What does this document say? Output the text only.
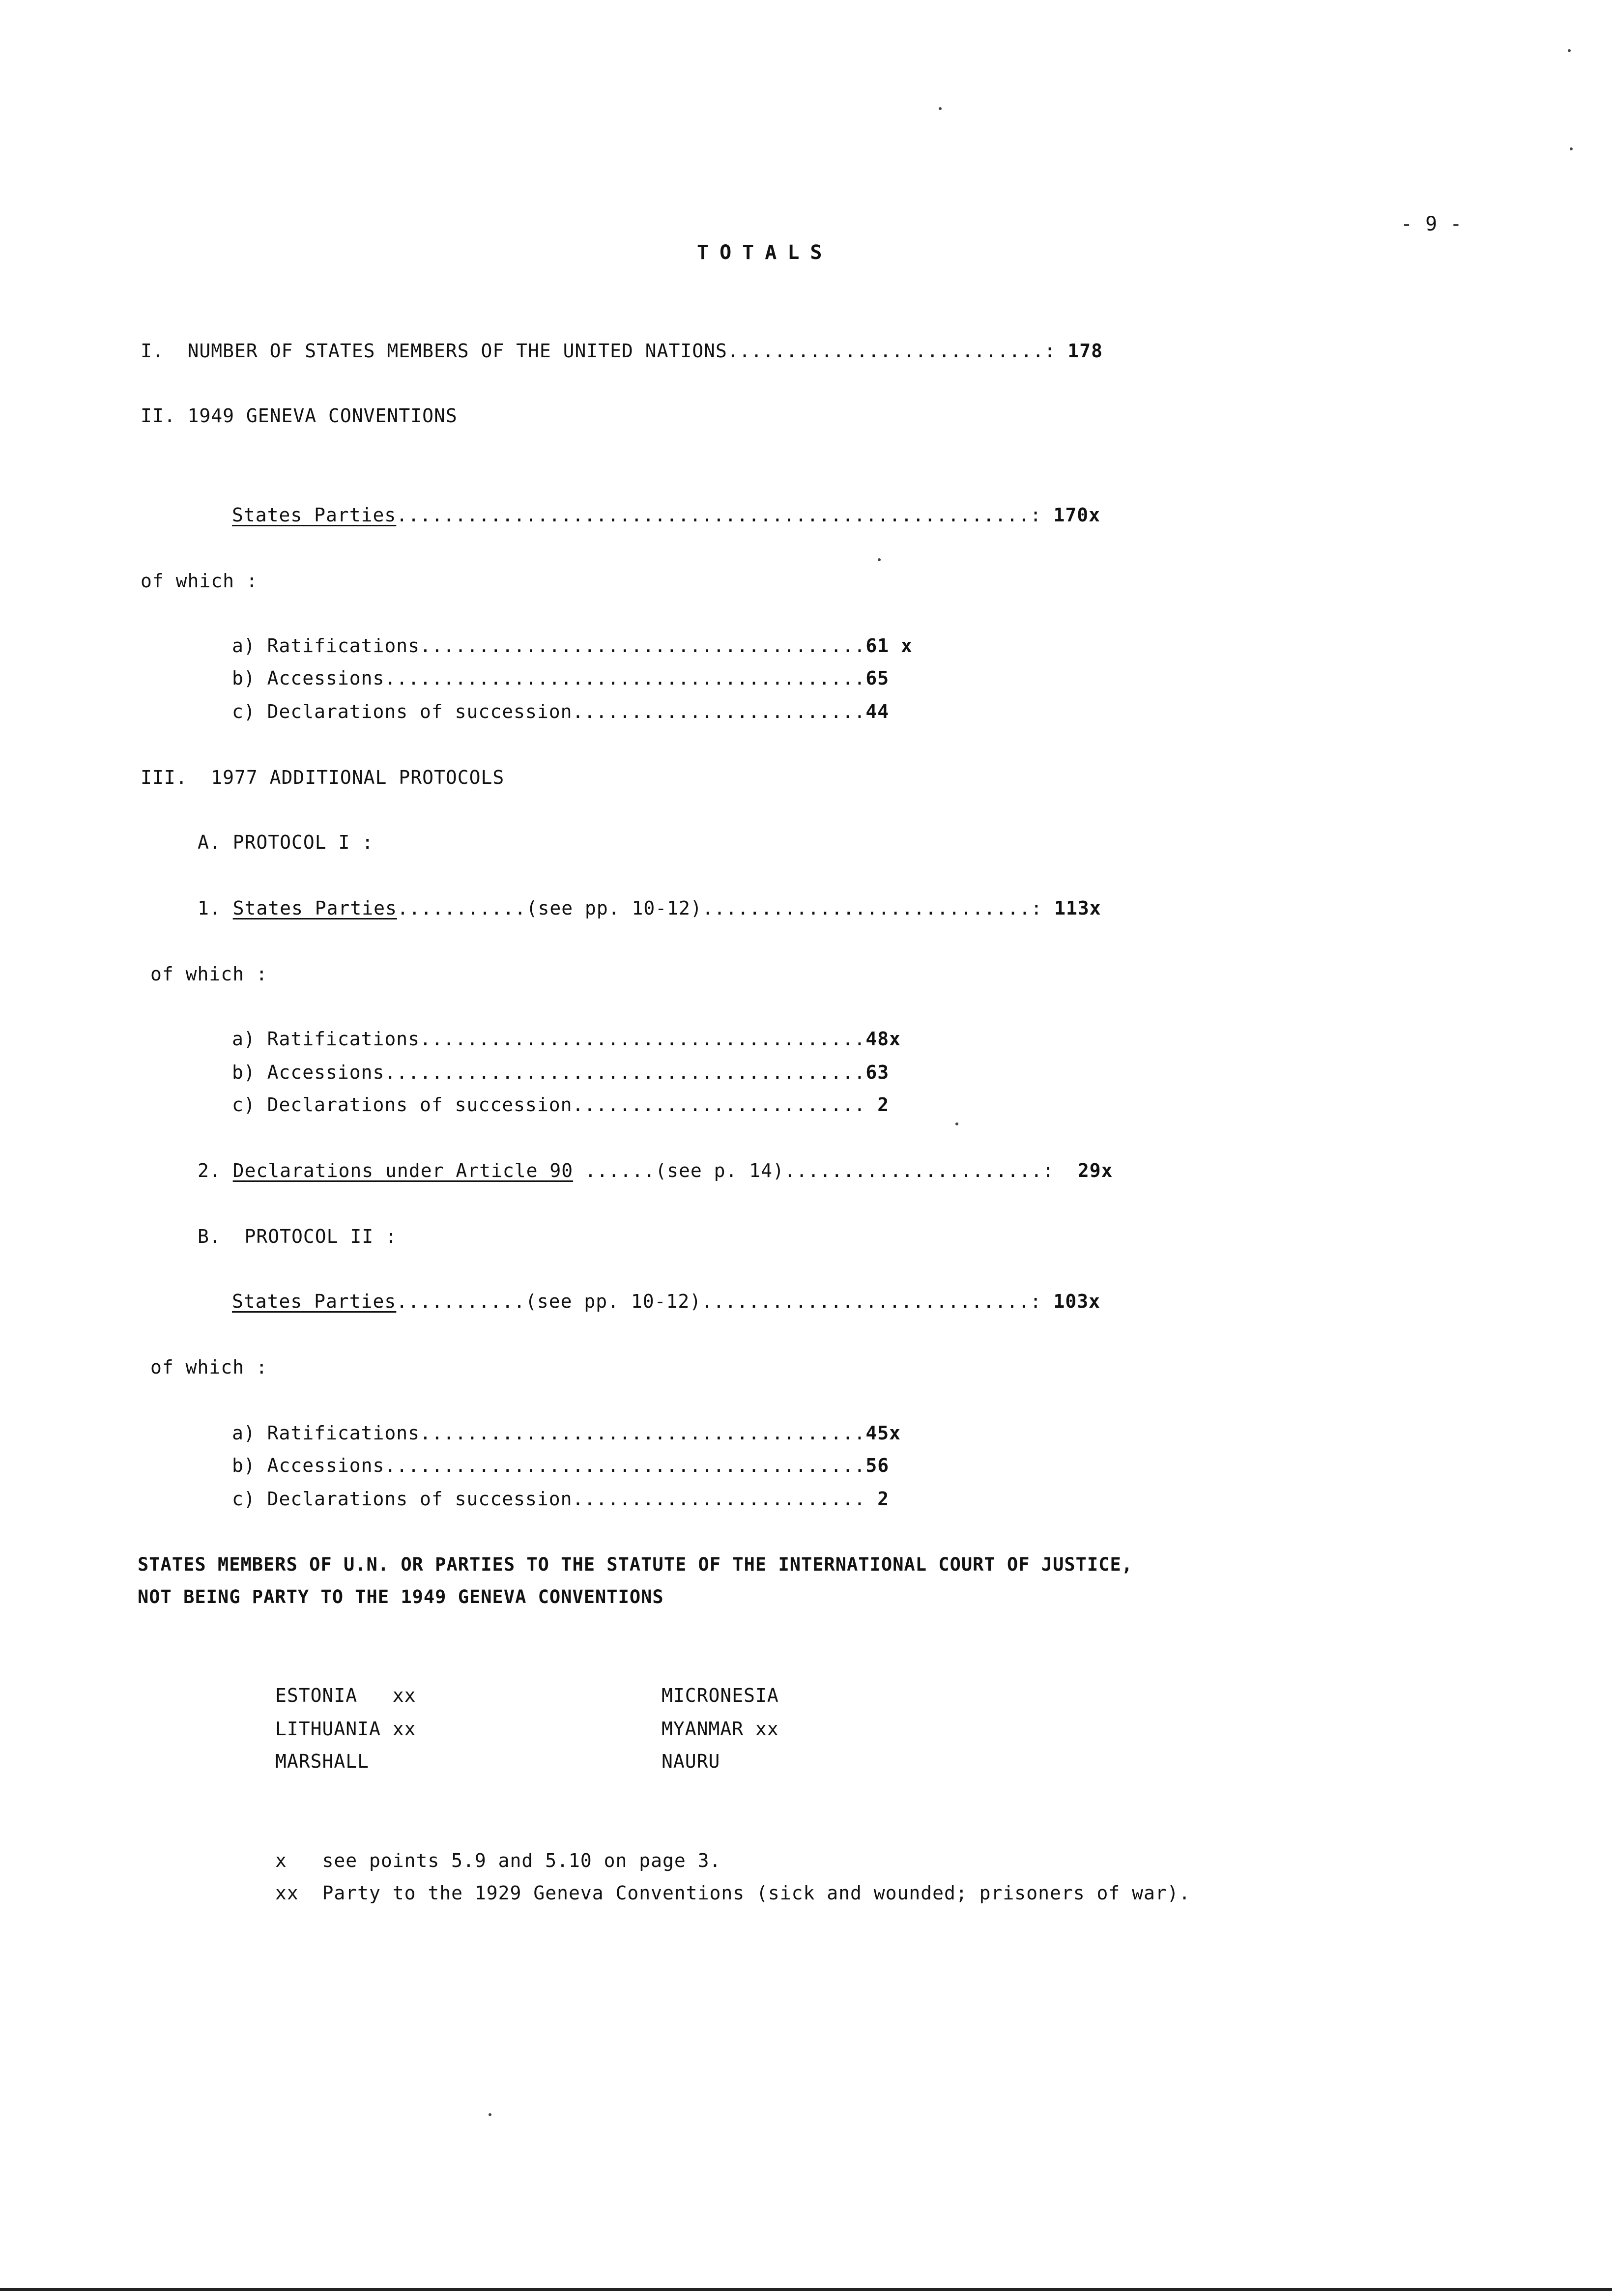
- 9 -
TOTALS
I.  NUMBER OF STATES MEMBERS OF THE UNITED NATIONS...........................: 178
II. 1949 GENEVA CONVENTIONS
States Parties......................................................: 170x
of which :
a) Ratifications......................................61 x
b) Accessions.........................................65
c) Declarations of succession.........................44
III.  1977 ADDITIONAL PROTOCOLS
A. PROTOCOL I :
1. States Parties...........(see pp. 10-12)............................: 113x
of which :
a) Ratifications......................................48x
b) Accessions.........................................63
c) Declarations of succession......................... 2
2. Declarations under Article 90 ......(see p. 14)......................: 29x
B.  PROTOCOL II :
States Parties...........(see pp. 10-12)............................: 103x
of which :
a) Ratifications......................................45x
b) Accessions.........................................56
c) Declarations of succession......................... 2
STATES MEMBERS OF U.N. OR PARTIES TO THE STATUTE OF THE INTERNATIONAL COURT OF JUSTICE,
NOT BEING PARTY TO THE 1949 GENEVA CONVENTIONS
ESTONIA   xx
LITHUANIA xx
MARSHALL
MICRONESIA
MYANMAR xx
NAURU
x   see points 5.9 and 5.10 on page 3.
xx  Party to the 1929 Geneva Conventions (sick and wounded; prisoners of war).
